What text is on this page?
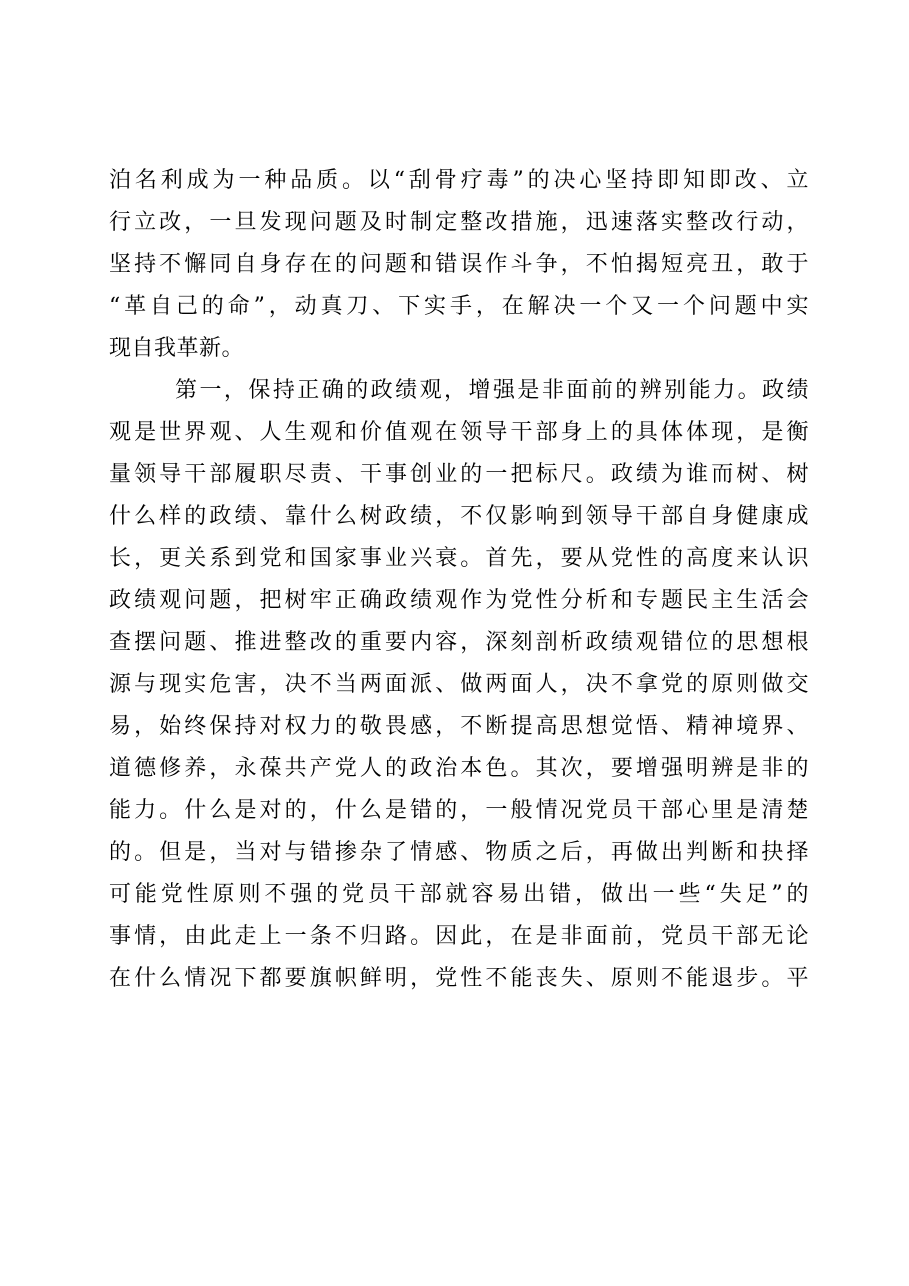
泊名利成为一种品质。以“刮骨疗毒”的决心坚持即知即改、立
行立改，一旦发现问题及时制定整改措施，迅速落实整改行动，
坚持不懈同自身存在的问题和错误作斗争，不怕揭短亮丑，敢于
“革自己的命”，动真刀、下实手，在解决一个又一个问题中实
现自我革新。
第一，保持正确的政绩观，增强是非面前的辨别能力。政绩
观是世界观、人生观和价值观在领导干部身上的具体体现，是衡
量领导干部履职尽责、干事创业的一把标尺。政绩为谁而树、树
什么样的政绩、靠什么树政绩，不仅影响到领导干部自身健康成
长，更关系到党和国家事业兴衰。首先，要从党性的高度来认识
政绩观问题，把树牢正确政绩观作为党性分析和专题民主生活会
查摆问题、推进整改的重要内容，深刻剖析政绩观错位的思想根
源与现实危害，决不当两面派、做两面人，决不拿党的原则做交
易，始终保持对权力的敬畏感，不断提高思想觉悟、精神境界、
道德修养，永葆共产党人的政治本色。其次，要增强明辨是非的
能力。什么是对的，什么是错的，一般情况党员干部心里是清楚
的。但是，当对与错掺杂了情感、物质之后，再做出判断和抉择
可能党性原则不强的党员干部就容易出错，做出一些“失足”的
事情，由此走上一条不归路。因此，在是非面前，党员干部无论
在什么情况下都要旗帜鲜明，党性不能丧失、原则不能退步。平
